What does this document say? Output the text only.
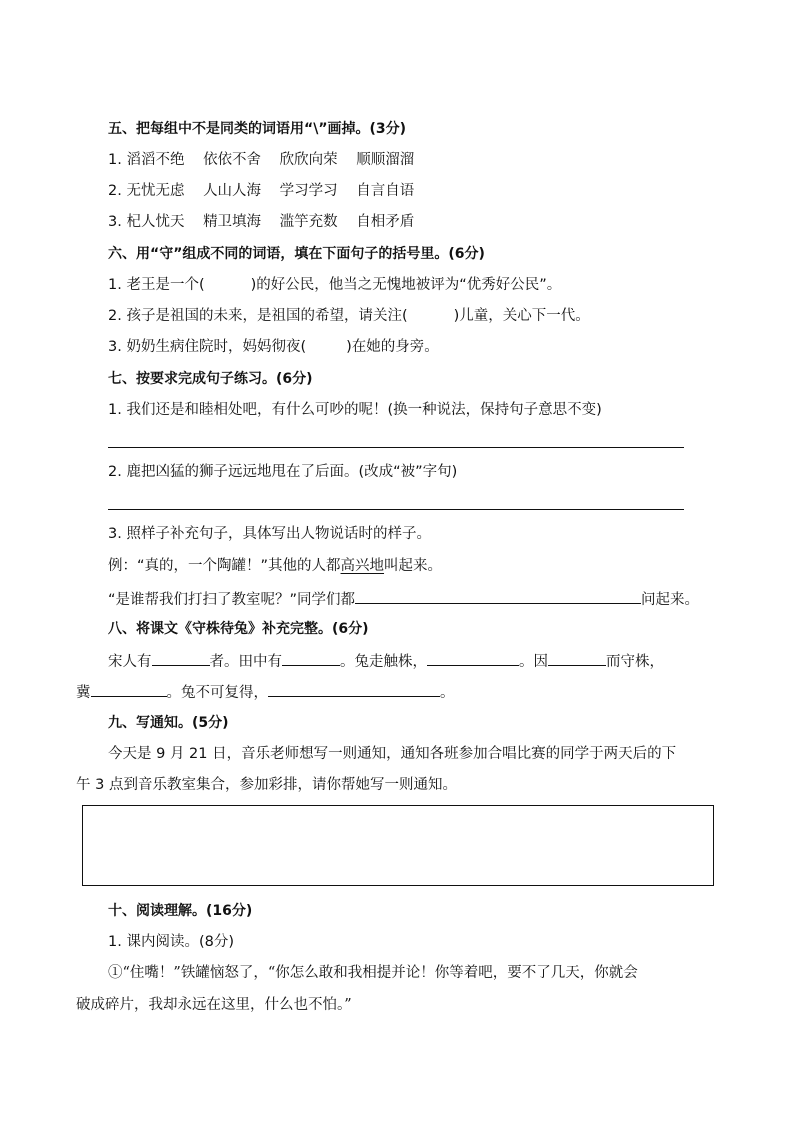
五、把每组中不是同类的词语用“\”画掉。(3分)
1. 滔滔不绝 依依不舍 欣欣向荣 顺顺溜溜
2. 无忧无虑 人山人海 学习学习 自言自语
3. 杞人忧天 精卫填海 滥竽充数 自相矛盾
六、用“守”组成不同的词语，填在下面句子的括号里。(6分)
1. 老王是一个(	)的好公民，他当之无愧地被评为“优秀好公民”。
2. 孩子是祖国的未来，是祖国的希望，请关注(	)儿童，关心下一代。
3. 奶奶生病住院时，妈妈彻夜(	)在她的身旁。
七、按要求完成句子练习。(6分)
1. 我们还是和睦相处吧，有什么可吵的呢！(换一种说法，保持句子意思不变)
2. 鹿把凶猛的狮子远远地甩在了后面。(改成“被”字句)
3. 照样子补充句子，具体写出人物说话时的样子。
例：“真的，一个陶罐！”其他的人都高兴地叫起来。
“是谁帮我们打扫了教室呢？”同学们都	问起来。
八、将课文《守株待兔》补充完整。(6分)
宋人有	者。田中有	。兔走触株，	。因	而守株，
冀	。兔不可复得，	。
九、写通知。(5分)
今天是 9 月 21 日，音乐老师想写一则通知，通知各班参加合唱比赛的同学于两天后的下
午 3 点到音乐教室集合，参加彩排，请你帮她写一则通知。
十、阅读理解。(16分)
1. 课内阅读。(8分)
①“住嘴！”铁罐恼怒了，“你怎么敢和我相提并论！你等着吧，要不了几天，你就会
破成碎片，我却永远在这里，什么也不怕。”
